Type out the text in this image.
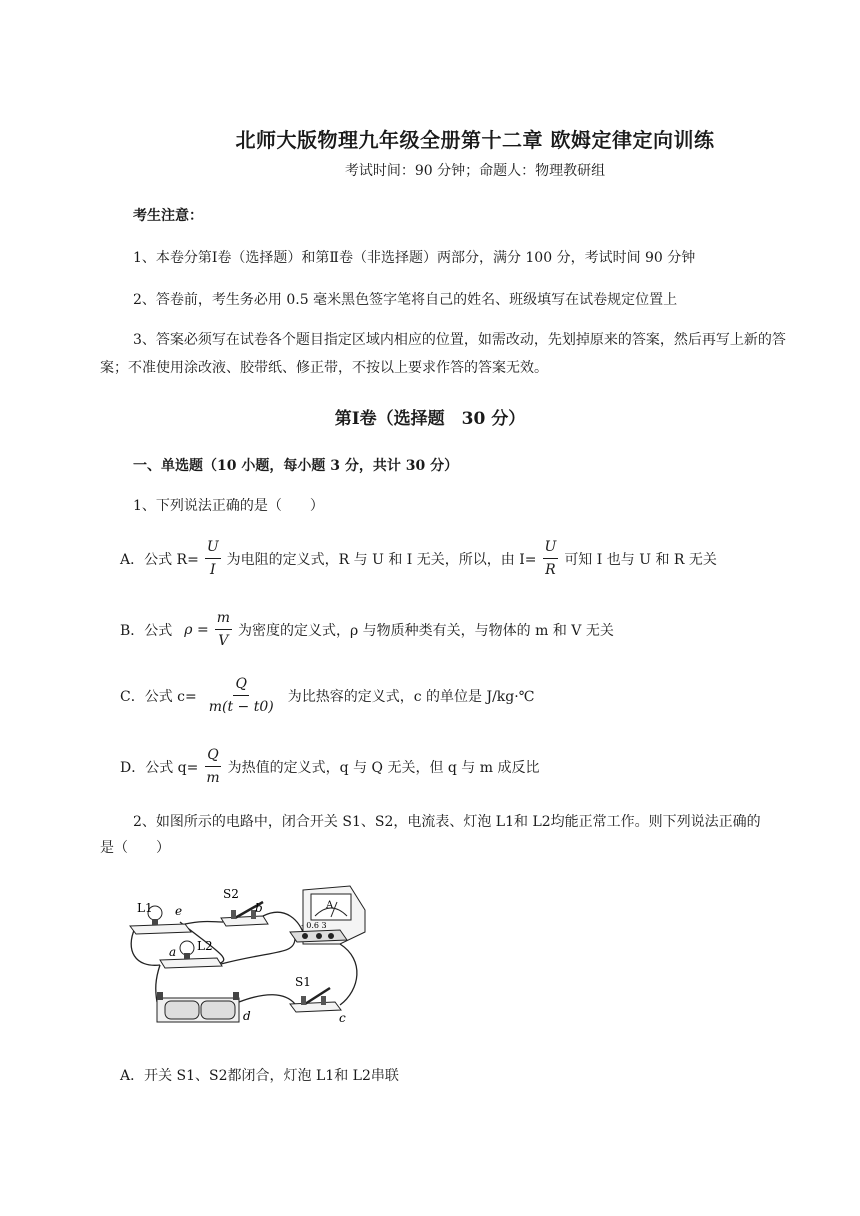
北师大版物理九年级全册第十二章 欧姆定律定向训练
考试时间：90 分钟；命题人：物理教研组
考生注意：
1、本卷分第Ⅰ卷（选择题）和第Ⅱ卷（非选择题）两部分，满分 100 分，考试时间 90 分钟
2、答卷前，考生务必用 0.5 毫米黑色签字笔将自己的姓名、班级填写在试卷规定位置上
3、答案必须写在试卷各个题目指定区域内相应的位置，如需改动，先划掉原来的答案，然后再写上新的答案；不准使用涂改液、胶带纸、修正带，不按以上要求作答的答案无效。
第Ⅰ卷（选择题　30 分）
一、单选题（10 小题，每小题 3 分，共计 30 分）
1、下列说法正确的是（　　）
A．公式 $R= \frac{U}{I}$ 为电阻的定义式，R 与 U 和 I 无关，所以，由 $I= \frac{U}{R}$ 可知 I 也与 U 和 R 无关
B．公式 $\rho = \frac{m}{V}$ 为密度的定义式，ρ 与物质种类有关，与物体的 m 和 V 无关
C．公式 $c= \frac{Q}{m(t - t0)}$ 为比热容的定义式，c 的单位是 J/kg·℃
D．公式 $q= \frac{Q}{m}$ 为热值的定义式，q 与 Q 无关，但 q 与 m 成反比
2、如图所示的电路中，闭合开关 S1、S2，电流表、灯泡 L1和 L2均能正常工作。则下列说法正确的
是（　　）
L1 e
S2
b	A
- 0.6 3
L2
a
d
S1
c
A．开关 S1、S2都闭合，灯泡 L1和 L2串联
